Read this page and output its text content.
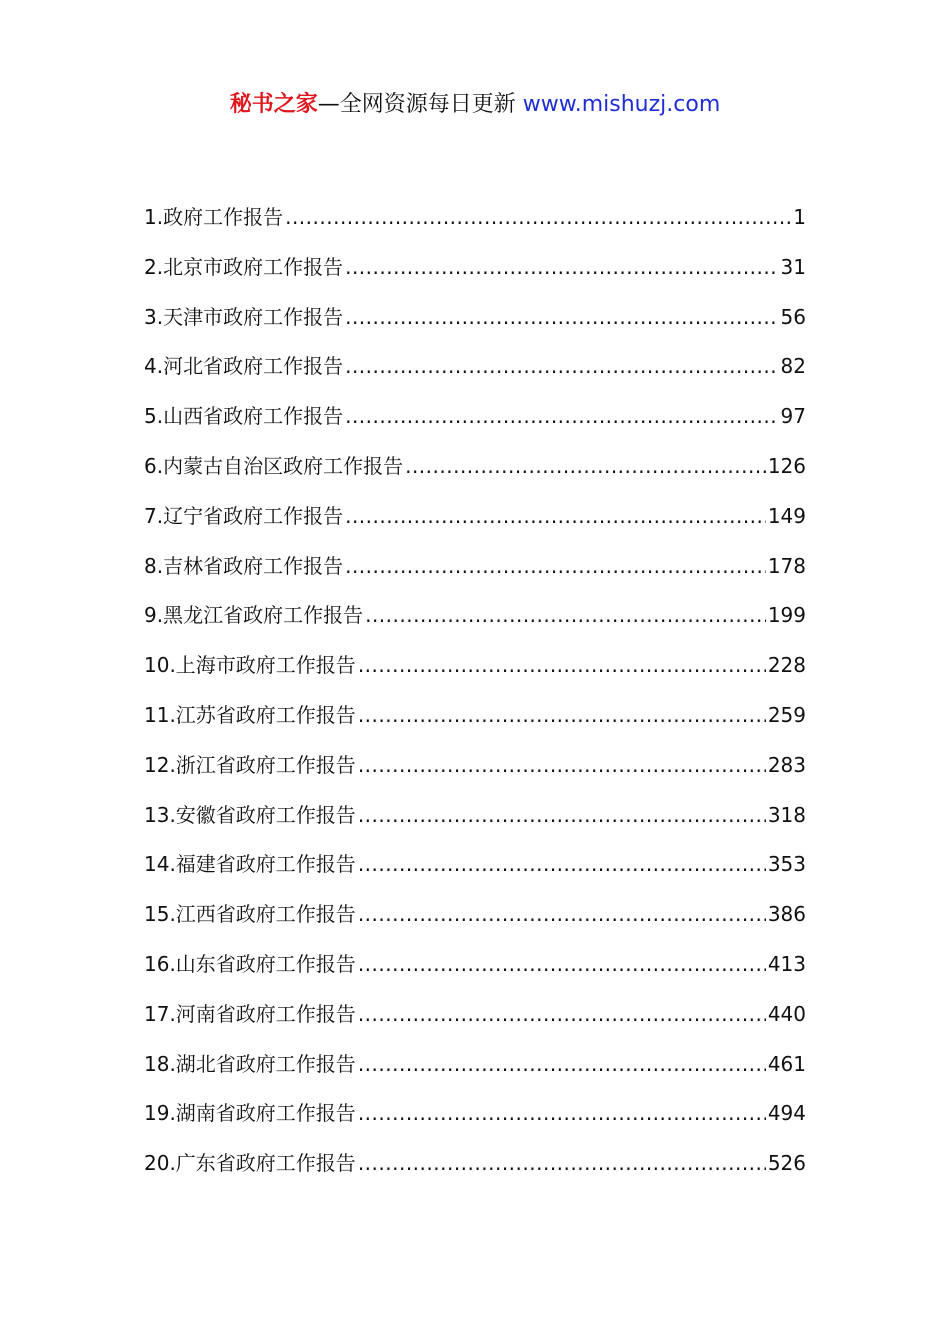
秘书之家—全网资源每日更新 www.mishuzj.com
1.政府工作报告 .....	1
2.北京市政府工作报告 .....	31
3.天津市政府工作报告 .....	56
4.河北省政府工作报告 .....	82
5.山西省政府工作报告 .....	97
6.内蒙古自治区政府工作报告 .....	126
7.辽宁省政府工作报告 .....	149
8.吉林省政府工作报告 .....	178
9.黑龙江省政府工作报告 .....	199
10.上海市政府工作报告 .....	228
11.江苏省政府工作报告 .....	259
12.浙江省政府工作报告 .....	283
13.安徽省政府工作报告 .....	318
14.福建省政府工作报告 .....	353
15.江西省政府工作报告 .....	386
16.山东省政府工作报告 .....	413
17.河南省政府工作报告 .....	440
18.湖北省政府工作报告 .....	461
19.湖南省政府工作报告 .....	494
20.广东省政府工作报告 .....	526
